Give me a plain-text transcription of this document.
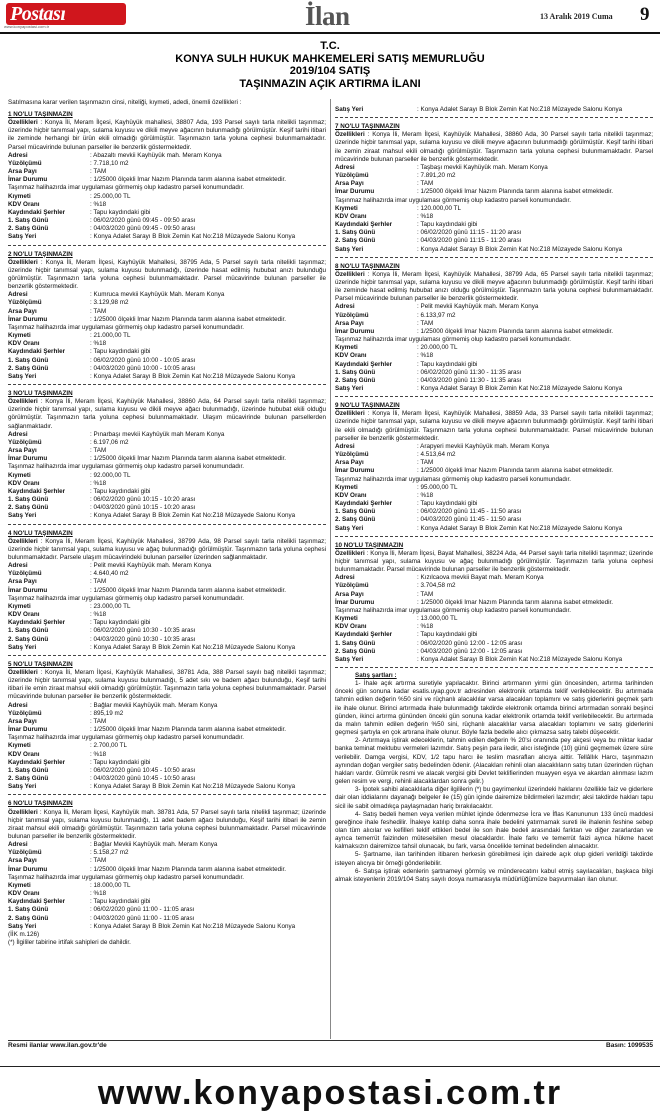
Postası
www.konyapostasi.com.tr	İlan	13 Aralık 2019 Cuma 9
T.C.
KONYA SULH HUKUK MAHKEMELERİ SATIŞ MEMURLUĞU
2019/104 SATIŞ
TAŞINMAZIN AÇIK ARTIRMA İLANI
Satılmasına karar verilen taşınmazın cinsi, niteliği, kıymeti, adedi, önemli özellikleri :
1 NO'LU TAŞINMAZIN
Özellikleri : Konya İli, Meram İlçesi, Kayhüyük mahallesi, 38807 Ada, 193 Parsel sayılı tarla nitelikli taşınmaz; üzerinde hiçbir tanımsal yapı, sulama kuyusu ve dikili meyve ağacının bulunmadığı görülmüştür. Keşif tarihi itibari ile zeminde herhangi bir ürün ekili olmadığı görülmüştür. Taşınmazın tarla yoluna cephesi bulunmamaktadır. Parsel mücavirinde bulunan parseller ile benzerlik göstermektedir.
Adresi	: Abazaltı mevkii Kayhüyük mah. Meram Konya
Yüzölçümü	: 7.718,10 m2
Arsa Payı	: TAM
İmar Durumu	: 1/25000 ölçekli İmar Nazım Planında tarım alanına isabet etmektedir.
Taşınmaz halihazırda imar uygulaması görmemiş olup kadastro parseli konumundadır.
Kıymeti	: 25.000,00 TL
KDV Oranı	: %18
Kaydındaki Şerhler	: Tapu kaydındaki gibi
1. Satış Günü	: 06/02/2020 günü 09:45 - 09:50 arası
2. Satış Günü	: 04/03/2020 günü 09:45 - 09:50 arası
Satış Yeri	: Konya Adalet Sarayı B Blok Zemin Kat No:Z18 Müzayede Salonu Konya
2 NO'LU TAŞINMAZIN
Özellikleri : Konya İli, Meram İlçesi, Kayhüyük Mahallesi, 38795 Ada, 5 Parsel sayılı tarla nitelikli taşınmaz; üzerinde hiçbir tanımsal yapı, sulama kuyusu bulunmadığı, üzerinde hasat edilmiş hububat anızı bulunduğu görülmüştür. Taşınmazın tarla yoluna cephesi bulunmamaktadır. Parsel mücavirinde bulunan parseller ile benzerlik göstermektedir.
Adresi	: Kumruca mevkii Kayhüyük Mah. Meram Konya
Yüzölçümü	: 3.129,98 m2
Arsa Payı	: TAM
İmar Durumu	: 1/25000 ölçekli İmar Nazım Planında tarım alanına isabet etmektedir.
Taşınmaz halihazırda imar uygulaması görmemiş olup kadastro parseli konumundadır.
Kıymeti	: 21.000,00 TL
KDV Oranı	: %18
Kaydındaki Şerhler	: Tapu kaydındaki gibi
1. Satış Günü	: 06/02/2020 günü 10:00 - 10:05 arası
2. Satış Günü	: 04/03/2020 günü 10:00 - 10:05 arası
Satış Yeri	: Konya Adalet Sarayı B Blok Zemin Kat No:Z18 Müzayede Salonu Konya
3 NO'LU TAŞINMAZIN
Özellikleri : Konya İli, Meram İlçesi, Kayhüyük Mahallesi, 38860 Ada, 64 Parsel sayılı tarla nitelikli taşınmaz; üzerinde hiçbir tanımsal yapı, sulama kuyusu ve dikili meyve ağacı bulunmadığı, üzerinde hububat ekili olduğu görülmüştür. Taşınmazın tarla yoluna cephesi bulunmamaktadır. Ulaşım mücavirinde bulunan parsellerden sağlanmaktadır.
Adresi	: Pınarbaşı mevkii Kayhüyük mah Meram Konya
Yüzölçümü	: 6.197,06 m2
Arsa Payı	: TAM
İmar Durumu	: 1/25000 ölçekli İmar Nazım Planında tarım alanına isabet etmektedir.
Taşınmaz halihazırda imar uygulaması görmemiş olup kadastro parseli konumundadır.
Kıymeti	: 92.000,00 TL
KDV Oranı	: %18
Kaydındaki Şerhler	: Tapu kaydındaki gibi
1. Satış Günü	: 06/02/2020 günü 10:15 - 10:20 arası
2. Satış Günü	: 04/03/2020 günü 10:15 - 10:20 arası
Satış Yeri	: Konya Adalet Sarayı B Blok Zemin Kat No:Z18 Müzayede Salonu Konya
4 NO'LU TAŞINMAZIN
Özellikleri : Konya İli, Meram İlçesi, Kayhüyük Mahallesi, 38799 Ada, 98 Parsel sayılı tarla nitelikli taşınmaz; üzerinde hiçbir tanımsal yapı, sulama kuyusu ve ağaç bulunmadığı görülmüştür. Taşınmazın tarla yoluna cephesi bulunmamaktadır. Parsele ulaşım mücavirindeki bulunan parseller üzerinden sağlanmaktadır.
Adresi	: Pelit mevkii Kayhüyük mah. Meram Konya
Yüzölçümü	: 4.640,40 m2
Arsa Payı	: TAM
İmar Durumu	: 1/25000 ölçekli İmar Nazım Planında tarım alanına isabet etmektedir.
Taşınmaz halihazırda imar uygulaması görmemiş olup kadastro parseli konumundadır.
Kıymeti	: 23.000,00 TL
KDV Oranı	: %18
Kaydındaki Şerhler	: Tapu kaydındaki gibi
1. Satış Günü	: 06/02/2020 günü 10:30 - 10:35 arası
2. Satış Günü	: 04/03/2020 günü 10:30 - 10:35 arası
Satış Yeri	: Konya Adalet Sarayı B Blok Zemin Kat No:Z18 Müzayede Salonu Konya
5 NO'LU TAŞINMAZIN
Özellikleri : Konya İli, Meram İlçesi, Kayhüyük Mahallesi, 38781 Ada, 388 Parsel sayılı bağ nitelikli taşınmaz; üzerinde hiçbir tanımsal yapı, sulama kuyusu bulunmadığı, 5 adet sıkı ve badem ağacı bulunduğu, Keşif tarihi itibari ile emin ziraat mahsul ekili olmadığı görülmüştür. Taşınmazın tarla yoluna cephesi bulunmamaktadır. Parsel mücavirinde bulunan parseller ile benzerlik göstermektedir.
Adresi	: Bağlar mevkii Kayhüyük mah. Meram Konya
Yüzölçümü	: 895,19 m2
Arsa Payı	: TAM
İmar Durumu	: 1/25000 ölçekli İmar Nazım Planında tarım alanına isabet etmektedir.
Taşınmaz halihazırda imar uygulaması görmemiş olup kadastro parseli konumundadır.
Kıymeti	: 2.700,00 TL
KDV Oranı	: %18
Kaydındaki Şerhler	: Tapu kaydındaki gibi
1. Satış Günü	: 06/02/2020 günü 10:45 - 10:50 arası
2. Satış Günü	: 04/03/2020 günü 10:45 - 10:50 arası
Satış Yeri	: Konya Adalet Sarayı B Blok Zemin Kat No:Z18 Müzayede Salonu Konya
6 NO'LU TAŞINMAZIN
Özellikleri : Konya İli, Meram İlçesi, Kayhüyük mah. 38781 Ada, 57 Parsel sayılı tarla nitelikli taşınmaz; üzerinde hiçbir tanımsal yapı, sulama kuyusu bulunmadığı, 11 adet badem ağacı bulunduğu, Keşif tarihi itibari ile zemin ziraat mahsul ekili olmadığı görülmüştür. Taşınmazın tarla yoluna cephesi bulunmamaktadır. Parsel mücavirinde bulunan parseller ile benzerlik göstermektedir.
Adresi	: Bağlar Mevkii Kayhüyük mah. Meram Konya
Yüzölçümü	: 5.158,27 m2
Arsa Payı	: TAM
İmar Durumu	: 1/25000 ölçekli İmar Nazım Planında tarım alanına isabet etmektedir.
Taşınmaz halihazırda imar uygulaması görmemiş olup kadastro parseli konumundadır.
Kıymeti	: 18.000,00 TL
KDV Oranı	: %18
Kaydındaki Şerhler	: Tapu kaydındaki gibi
1. Satış Günü	: 06/02/2020 günü 11:00 - 11:05 arası
2. Satış Günü	: 04/03/2020 günü 11:00 - 11:05 arası
Satış Yeri	: Konya Adalet Sarayı B Blok Zemin Kat No:Z18 Müzayede Salonu Konya
(İİK m.126)
(*) İlgililer tabirine irtifak sahipleri de dahildir.
Satış Yeri	: Konya Adalet Sarayı B Blok Zemin Kat No:Z18 Müzayede Salonu Konya
7 NO'LU TAŞINMAZIN
Özellikleri : Konya İli, Meram İlçesi, Kayhüyük Mahallesi, 38860 Ada, 30 Parsel sayılı tarla nitelikli taşınmaz; üzerinde hiçbir tanımsal yapı, sulama kuyusu ve dikili meyve ağacının bulunmadığı görülmüştür. Keşif tarihi itibari ile zemin ziraat mahsul ekili olmadığı görülmüştür. Taşınmazın tarla yoluna cephesi bulunmamaktadır. Parsel mücavirinde bulunan parseller ile benzerlik göstermektedir.
Adresi	: Taşbaşı mevkii Kayhüyük mah. Meram Konya
Yüzölçümü	: 7.891,20 m2
Arsa Payı	: TAM
İmar Durumu	: 1/25000 ölçekli İmar Nazım Planında tarım alanına isabet etmektedir.
Taşınmaz halihazırda imar uygulaması görmemiş olup kadastro parseli konumundadır.
Kıymeti	: 120.000,00 TL
KDV Oranı	: %18
Kaydındaki Şerhler	: Tapu kaydındaki gibi
1. Satış Günü	: 06/02/2020 günü 11:15 - 11:20 arası
2. Satış Günü	: 04/03/2020 günü 11:15 - 11:20 arası
Satış Yeri	: Konya Adalet Sarayı B Blok Zemin Kat No:Z18 Müzayede Salonu Konya
8 NO'LU TAŞINMAZIN
Özellikleri : Konya İli, Meram İlçesi, Kayhüyük Mahallesi, 38799 Ada, 65 Parsel sayılı tarla nitelikli taşınmaz; üzerinde hiçbir tanımsal yapı, sulama kuyusu ve dikili meyve ağacının bulunmadığı görülmüştür. Keşif tarihi itibari ile zeminde hasat edilmiş hububat anızı olduğu görülmüştür. Taşınmazın tarla yoluna cephesi bulunmamaktadır. Parsel mücavirinde bulunan parseller ile benzerlik göstermektedir.
Adresi	: Pelit mevkii Kayhüyük mah. Meram Konya
Yüzölçümü	: 6.133,97 m2
Arsa Payı	: TAM
İmar Durumu	: 1/25000 ölçekli İmar Nazım Planında tarım alanına isabet etmektedir.
Taşınmaz halihazırda imar uygulaması görmemiş olup kadastro parseli konumundadır.
Kıymeti	: 20.000,00 TL
KDV Oranı	: %18
Kaydındaki Şerhler	: Tapu kaydındaki gibi
1. Satış Günü	: 06/02/2020 günü 11:30 - 11:35 arası
2. Satış Günü	: 04/03/2020 günü 11:30 - 11:35 arası
Satış Yeri	: Konya Adalet Sarayı B Blok Zemin Kat No:Z18 Müzayede Salonu Konya
9 NO'LU TAŞINMAZIN
Özellikleri : Konya İli, Meram İlçesi, Kayhüyük Mahallesi, 38859 Ada, 33 Parsel sayılı tarla nitelikli taşınmaz; üzerinde hiçbir tanımsal yapı, sulama kuyusu ve dikili meyve ağacının bulunmadığı görülmüştür. Keşif tarihi itibari ile ekili olmadığı görülmüştür. Taşınmazın tarla yoluna cephesi bulunmamaktadır. Parsel mücavirinde bulunan parseller ile benzerlik göstermektedir.
Adresi	: Arapyeri mevkii Kayhüyük mah. Meram Konya
Yüzölçümü	: 4.513,64 m2
Arsa Payı	: TAM
İmar Durumu	: 1/25000 ölçekli İmar Nazım Planında tarım alanına isabet etmektedir.
Taşınmaz halihazırda imar uygulaması görmemiş olup kadastro parseli konumundadır.
Kıymeti	: 95.000,00 TL
KDV Oranı	: %18
Kaydındaki Şerhler	: Tapu kaydındaki gibi
1. Satış Günü	: 06/02/2020 günü 11:45 - 11:50 arası
2. Satış Günü	: 04/03/2020 günü 11:45 - 11:50 arası
Satış Yeri	: Konya Adalet Sarayı B Blok Zemin Kat No:Z18 Müzayede Salonu Konya
10 NO'LU TAŞINMAZIN
Özellikleri : Konya İli, Meram İlçesi, Bayat Mahallesi, 38224 Ada, 44 Parsel sayılı tarla nitelikli taşınmaz; üzerinde hiçbir tanımsal yapı, sulama kuyusu ve ağaç bulunmadığı görülmüştür. Taşınmazın tarla yoluna cephesi bulunmamaktadır. Parsel mücavirinde bulunan parseller ile benzerlik göstermektedir.
Adresi	: Kızılcaova mevkii Bayat mah. Meram Konya
Yüzölçümü	: 3.704,58 m2
Arsa Payı	: TAM
İmar Durumu	: 1/25000 ölçekli İmar Nazım Planında tarım alanına isabet etmektedir.
Taşınmaz halihazırda imar uygulaması görmemiş olup kadastro parseli konumundadır.
Kıymeti	: 13.000,00 TL
KDV Oranı	: %18
Kaydındaki Şerhler	: Tapu kaydındaki gibi
1. Satış Günü	: 06/02/2020 günü 12:00 - 12:05 arası
2. Satış Günü	: 04/03/2020 günü 12:00 - 12:05 arası
Satış Yeri	: Konya Adalet Sarayı B Blok Zemin Kat No:Z18 Müzayede Salonu Konya
Satış şartları :
1- İhale açık artırma suretiyle yapılacaktır. Birinci artırmanın yirmi gün öncesinden, artırma tarihinden önceki gün sonuna kadar esatis.uyap.gov.tr adresinden elektronik ortamda teklif verilebilecektir. Bu artırmada tahmin edilen değerin %50 sini ve rüçhanlı alacaklılar varsa alacakları toplamını ve satış giderlerini geçmek şartı ile ihale olunur. Birinci artırmada ihale bulunmadığı takdirde elektronik ortamda birinci artırmadan sonraki beşinci günden, ikinci artırma gününden önceki gün sonuna kadar elektronik ortamda teklif verilebilecektir. Bu artırmada da malın tahmin edilen değerin %50 sini, rüçhanlı alacaklılar varsa alacakları toplamını ve satış giderlerini geçmesi şartıyla en çok artırana ihale olunur. Böyle fazla bedelle alıcı çıkmazsa satış talebi düşecektir.
2- Artırmaya iştirak edeceklerin, tahmin edilen değerin % 20'si oranında pey akçesi veya bu miktar kadar banka teminat mektubu vermeleri lazımdır. Satış peşin para iledir, alıcı isteğinde (10) günü geçmemek üzere süre verilebilir. Damga vergisi, KDV, 1/2 tapu harcı ile teslim masrafları alıcıya aittir. Tellâllık Harcı, taşınmazın aynından doğan vergiler satış bedelinden ödenir. (Alacakları rehinli olan alacaklıların satış tutarı üzerinden rüçhan hakları vardır. Gümrük resmi ve alacak vergisi gibi Devlet teklifierinden muayyen eşya ve akardan alınması lazım gelen resim ve vergi, rehinli alacaklardan sonra gelir.)
3- İpotek sahibi alacaklılarla diğer ilgililerin (*) bu gayrimenkul üzerindeki haklarını özellikle faiz ve giderlere dair olan iddialarını dayanağı belgeler ile (15) gün içinde dairemize bildirmeleri lazımdır; aksi takdirde hakları tapu sicil ile sabit olmadıkça paylaşmadan hariç bırakılacaktır.
4- Satış bedeli hemen veya verilen mühlet içinde ödenmezse İcra ve İflas Kanununun 133 üncü maddesi gereğince ihale feshedilir. İhaleye katılıp daha sonra ihale bedelini yatırmamak sureti ile ihalenin feshine sebep olan tüm alıcılar ve kefilleri teklif ettikleri bedel ile son ihale bedeli arasındaki farktan ve diğer zararlardan ve ayrıca temerrüt faizinden müteselsilen mesul olacaklardır. İhale farkı ve temerrüt faizi ayrıca hükme hacet kalmaksızın dairemizce tahsil olunacak, bu fark, varsa öncelikle teminat bedelinden alınacaktır.
5- Şartname, ilan tarihinden itibaren herkesin görebilmesi için dairede açık olup gideri verildiği takdirde isteyen alıcıya bir örneği gönderilebilir.
6- Satışa iştirak edenlerin şartnameyi görmüş ve münderecatını kabul etmiş sayılacakları, başkaca bilgi almak isteyenlerin 2019/104 Satış sayılı dosya numarasıyla müdürlüğümüze başvurmaları ilan olunur.
Resmi ilanlar www.ilan.gov.tr'de	Basın: 1099535
www.konyapostasi.com.tr
